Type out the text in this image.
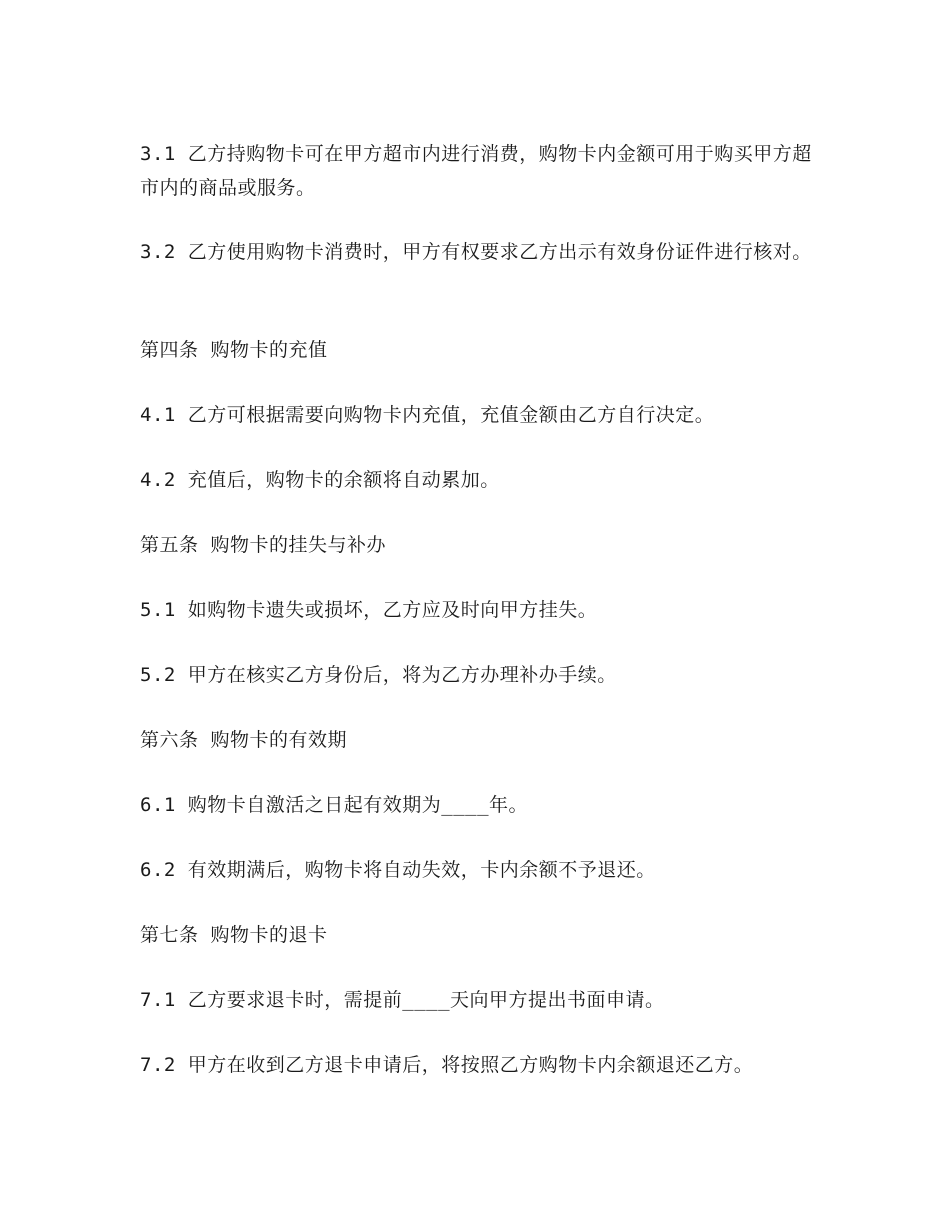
3.1 乙方持购物卡可在甲方超市内进行消费，购物卡内金额可用于购买甲方超市内的商品或服务。

3.2 乙方使用购物卡消费时，甲方有权要求乙方出示有效身份证件进行核对。

第四条 购物卡的充值

4.1 乙方可根据需要向购物卡内充值，充值金额由乙方自行决定。

4.2 充值后，购物卡的余额将自动累加。

第五条 购物卡的挂失与补办

5.1 如购物卡遗失或损坏，乙方应及时向甲方挂失。

5.2 甲方在核实乙方身份后，将为乙方办理补办手续。

第六条 购物卡的有效期

6.1 购物卡自激活之日起有效期为____年。

6.2 有效期满后，购物卡将自动失效，卡内余额不予退还。

第七条 购物卡的退卡

7.1 乙方要求退卡时，需提前____天向甲方提出书面申请。

7.2 甲方在收到乙方退卡申请后，将按照乙方购物卡内余额退还乙方。
